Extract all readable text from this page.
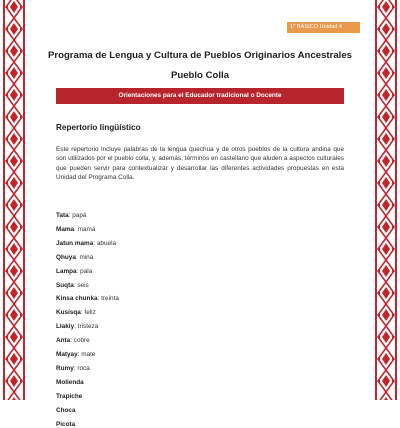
1° BÁSICO Unidad 4
Programa de Lengua y Cultura de Pueblos Originarios Ancestrales
Pueblo Colla
Orientaciones para el Educador tradicional o Docente
Repertorio lingüístico

Este repertorio incluye palabras de la lengua quechua y de otros pueblos de la cultura andina que son utilizados por el pueblo colla, y, además, términos en castellano que aluden a aspectos culturales que pueden servir para contextualizar y desarrollar las diferentes actividades propuestas en esta Unidad del Programa Colla.

Tata: papá
Mama: mamá
Jatun mama: abuela
Qhuya: mina
Lampa: pala
Suqta: seis
Kinsa chunka: treinta
Kusisqa: feliz
Llakiy: tristeza
Anta: cobre
Matyay: mate
Rumy: roca
Molienda
Trapiche
Choca
Picota
